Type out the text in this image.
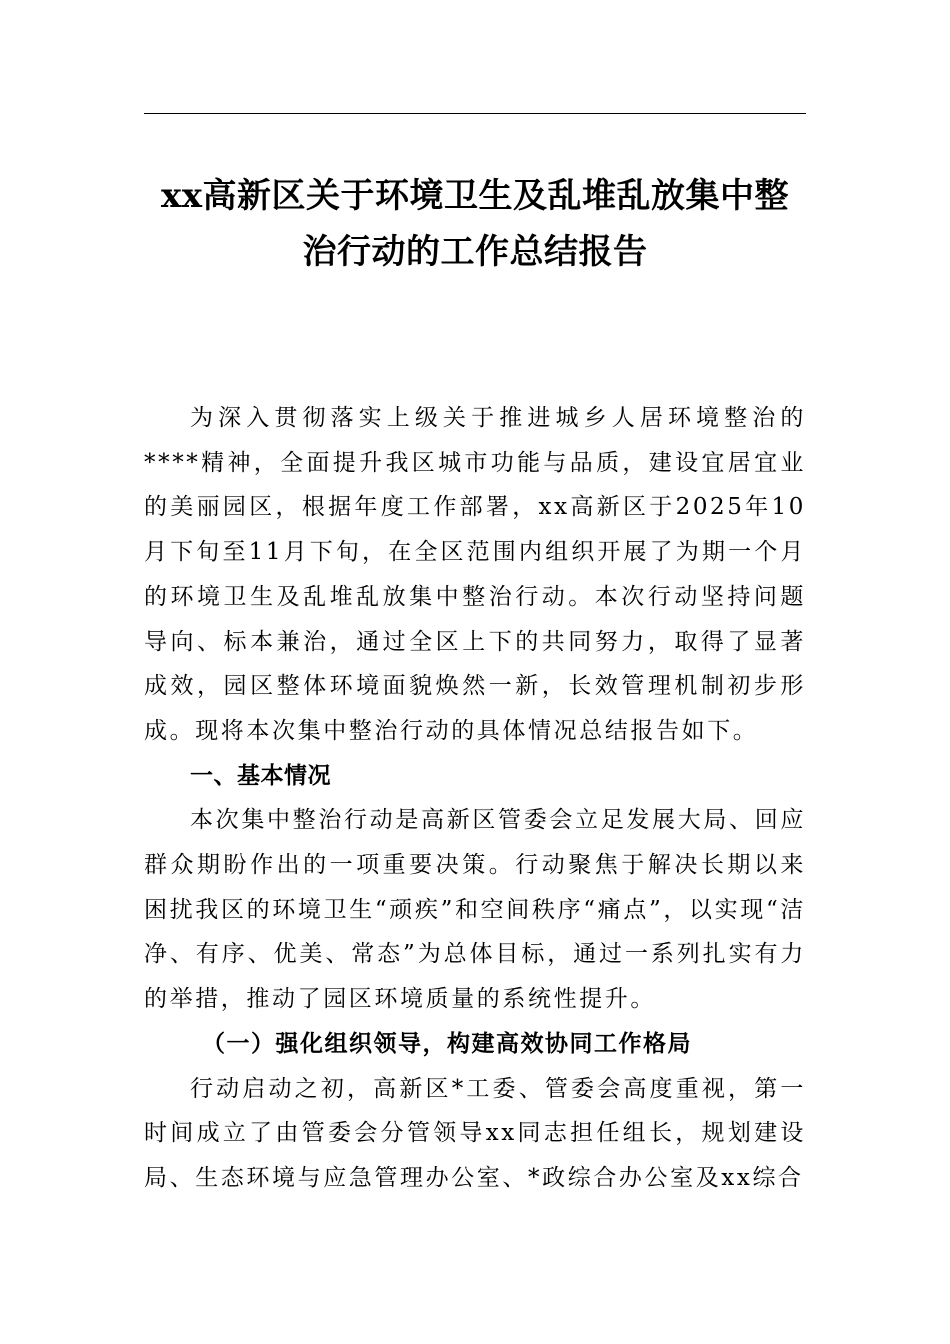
xx高新区关于环境卫生及乱堆乱放集中整
治行动的工作总结报告

为深入贯彻落实上级关于推进城乡人居环境整治的****精神，全面提升我区城市功能与品质，建设宜居宜业的美丽园区，根据年度工作部署，xx高新区于2025年10月下旬至11月下旬，在全区范围内组织开展了为期一个月的环境卫生及乱堆乱放集中整治行动。本次行动坚持问题导向、标本兼治，通过全区上下的共同努力，取得了显著成效，园区整体环境面貌焕然一新，长效管理机制初步形成。现将本次集中整治行动的具体情况总结报告如下。

一、基本情况

本次集中整治行动是高新区管委会立足发展大局、回应群众期盼作出的一项重要决策。行动聚焦于解决长期以来困扰我区的环境卫生“顽疾”和空间秩序“痛点”，以实现“洁净、有序、优美、常态”为总体目标，通过一系列扎实有力的举措，推动了园区环境质量的系统性提升。

（一）强化组织领导，构建高效协同工作格局

行动启动之初，高新区*工委、管委会高度重视，第一时间成立了由管委会分管领导xx同志担任组长，规划建设局、生态环境与应急管理办公室、*政综合办公室及xx综合
